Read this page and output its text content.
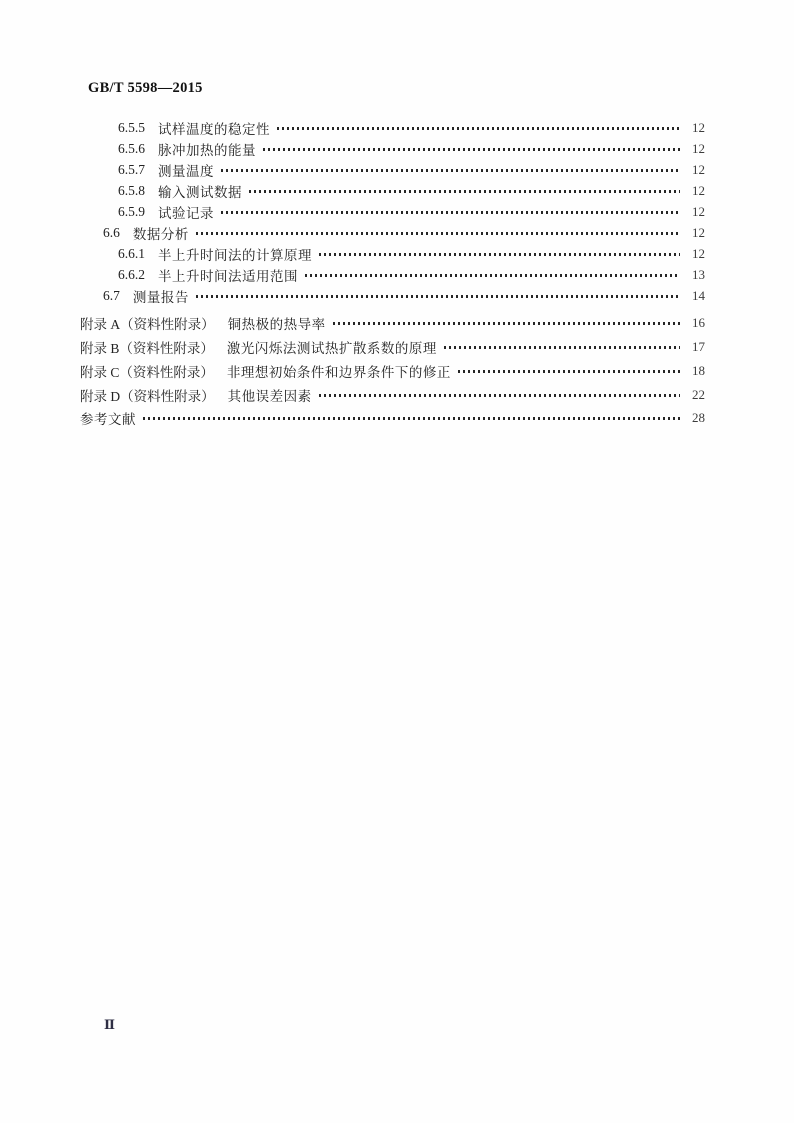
GB/T 5598—2015
6.5.5 试样温度的稳定性	12
6.5.6 脉冲加热的能量	12
6.5.7 测量温度	12
6.5.8 输入测试数据	12
6.5.9 试验记录	12
6.6 数据分析	12
6.6.1 半上升时间法的计算原理	12
6.6.2 半上升时间法适用范围	13
6.7 测量报告	14
附录 A（资料性附录） 铜热极的热导率	16
附录 B（资料性附录） 激光闪烁法测试热扩散系数的原理	17
附录 C（资料性附录） 非理想初始条件和边界条件下的修正	18
附录 D（资料性附录） 其他误差因素	22
参考文献	28
Ⅱ
